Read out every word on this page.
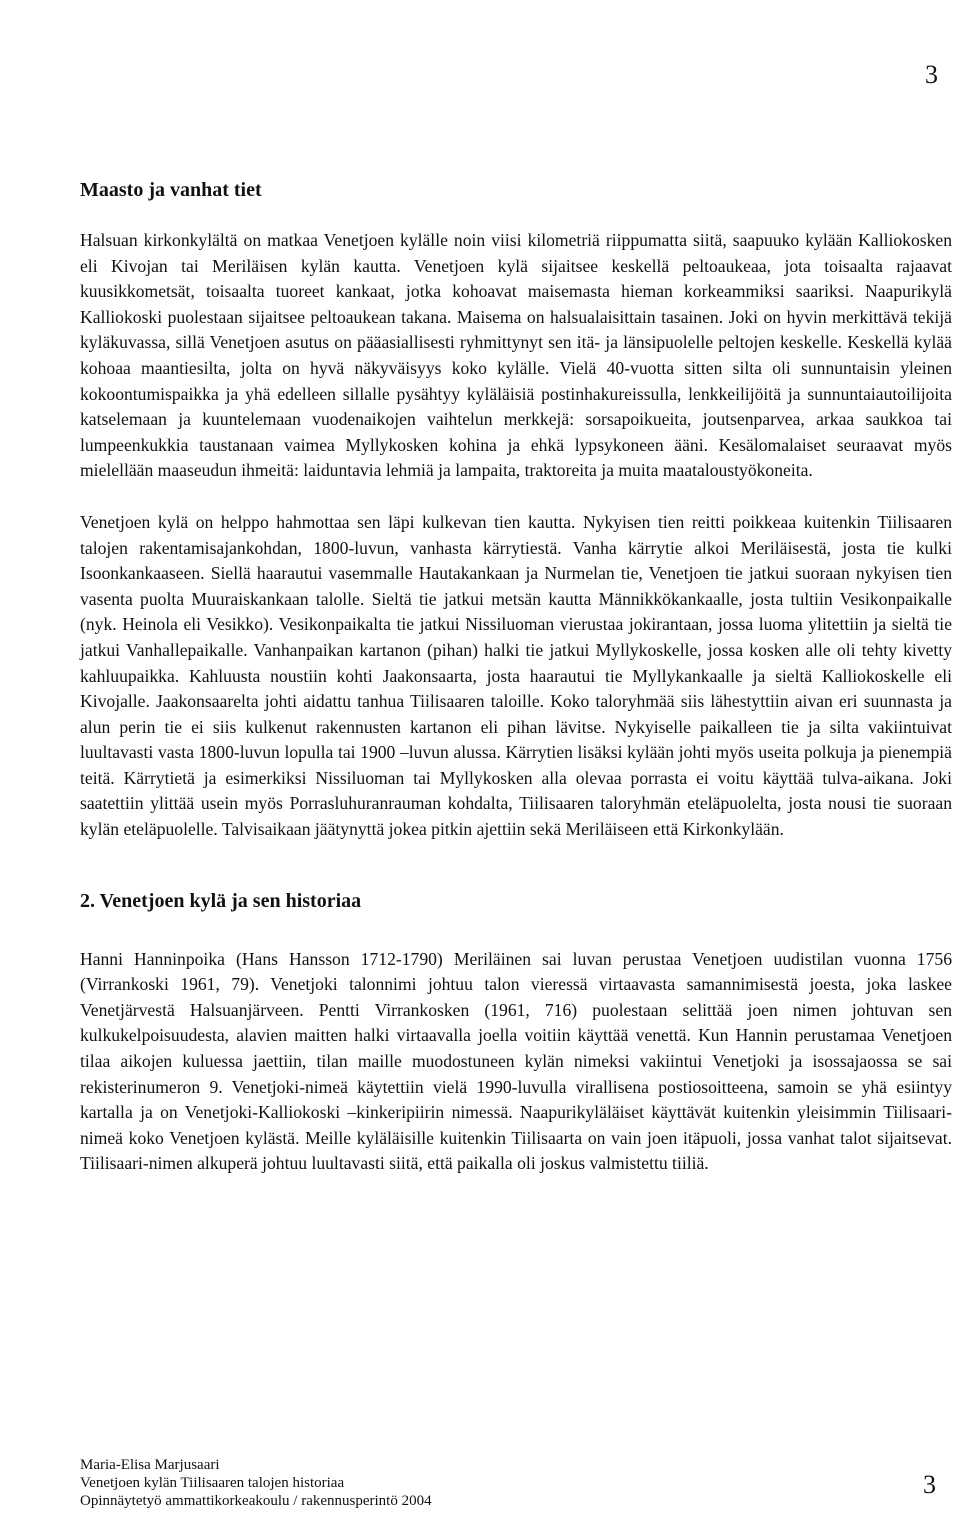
3
Maasto ja vanhat tiet

Halsuan kirkonkylältä on matkaa Venetjoen kylälle noin viisi kilometriä riippumatta siitä, saapuuko kylään Kalliokosken eli Kivojan tai Meriläisen kylän kautta. Venetjoen kylä sijaitsee keskellä peltoaukeaa, jota toisaalta rajaavat kuusikkometsät, toisaalta tuoreet kankaat, jotka kohoavat maisemasta hieman korkeammiksi saariksi. Naapurikylä Kalliokoski puolestaan sijaitsee peltoaukean takana. Maisema on halsualaisittain tasainen. Joki on hyvin merkittävä tekijä kyläkuvassa, sillä Venetjoen asutus on pääasiallisesti ryhmittynyt sen itä- ja länsipuolelle peltojen keskelle. Keskellä kylää kohoaa maantiesilta, jolta on hyvä näkyväisyys koko kylälle. Vielä 40-vuotta sitten silta oli sunnuntaisin yleinen kokoontumispaikka ja yhä edelleen sillalle pysähtyy kyläläisiä postinhakureissulla, lenkkeilijöitä ja sunnuntaiautoilijoita katselemaan ja kuuntelemaan vuodenaikojen vaihtelun merkkejä: sorsapoikueita, joutsenparvea, arkaa saukkoa tai lumpeenkukkia taustanaan vaimea Myllykosken kohina ja ehkä lypsykoneen ääni. Kesälomalaiset seuraavat myös mielellään maaseudun ihmeitä: laiduntavia lehmiä ja lampaita, traktoreita ja muita maataloustyökoneita.

Venetjoen kylä on helppo hahmottaa sen läpi kulkevan tien kautta. Nykyisen tien reitti poikkeaa kuitenkin Tiilisaaren talojen rakentamisajankohdan, 1800-luvun, vanhasta kärrytiestä. Vanha kärrytie alkoi Meriläisestä, josta tie kulki Isoonkankaaseen. Siellä haarautui vasemmalle Hautakankaan ja Nurmelan tie, Venetjoen tie jatkui suoraan nykyisen tien vasenta puolta Muuraiskankaan talolle. Sieltä tie jatkui metsän kautta Männikkökankaalle, josta tultiin Vesikonpaikalle (nyk. Heinola eli Vesikko). Vesikonpaikalta tie jatkui Nissiluoman vierustaa jokirantaan, jossa luoma ylitettiin ja sieltä tie jatkui Vanhallepaikalle. Vanhanpaikan kartanon (pihan) halki tie jatkui Myllykoskelle, jossa kosken alle oli tehty kivetty kahluupaikka. Kahluusta noustiin kohti Jaakonsaarta, josta haarautui tie Myllykankaalle ja sieltä Kalliokoskelle eli Kivojalle. Jaakonsaarelta johti aidattu tanhua Tiilisaaren taloille. Koko taloryhmää siis lähestyttiin aivan eri suunnasta ja alun perin tie ei siis kulkenut rakennusten kartanon eli pihan lävitse. Nykyiselle paikalleen tie ja silta vakiintuivat luultavasti vasta 1800-luvun lopulla tai 1900 –luvun alussa. Kärrytien lisäksi kylään johti myös useita polkuja ja pienempiä teitä. Kärrytietä ja esimerkiksi Nissiluoman tai Myllykosken alla olevaa porrasta ei voitu käyttää tulva-aikana. Joki saatettiin ylittää usein myös Porrasluhuranrauman kohdalta, Tiilisaaren taloryhmän eteläpuolelta, josta nousi tie suoraan kylän eteläpuolelle. Talvisaikaan jäätynyttä jokea pitkin ajettiin sekä Meriläiseen että Kirkonkylään.

2. Venetjoen kylä ja sen historiaa

Hanni Hanninpoika (Hans Hansson 1712-1790) Meriläinen sai luvan perustaa Venetjoen uudistilan vuonna 1756 (Virrankoski 1961, 79). Venetjoki talonnimi johtuu talon vieressä virtaavasta samannimisestä joesta, joka laskee Venetjärvestä Halsuanjärveen. Pentti Virrankosken (1961, 716) puolestaan selittää joen nimen johtuvan sen kulkukelpoisuudesta, alavien maitten halki virtaavalla joella voitiin käyttää venettä. Kun Hannin perustamaa Venetjoen tilaa aikojen kuluessa jaettiin, tilan maille muodostuneen kylän nimeksi vakiintui Venetjoki ja isossajaossa se sai rekisterinumeron 9. Venetjoki-nimeä käytettiin vielä 1990-luvulla virallisena postiosoitteena, samoin se yhä esiintyy kartalla ja on Venetjoki-Kalliokoski –kinkeripiirin nimessä. Naapurikyläläiset käyttävät kuitenkin yleisimmin Tiilisaari-nimeä koko Venetjoen kylästä. Meille kyläläisille kuitenkin Tiilisaarta on vain joen itäpuoli, jossa vanhat talot sijaitsevat. Tiilisaari-nimen alkuperä johtuu luultavasti siitä, että paikalla oli joskus valmistettu tiiliä.

Maria-Elisa Marjusaari
Venetjoen kylän Tiilisaaren talojen historiaa
Opinnäytetyö ammattikorkeakoulu / rakennusperintö 2004
3
